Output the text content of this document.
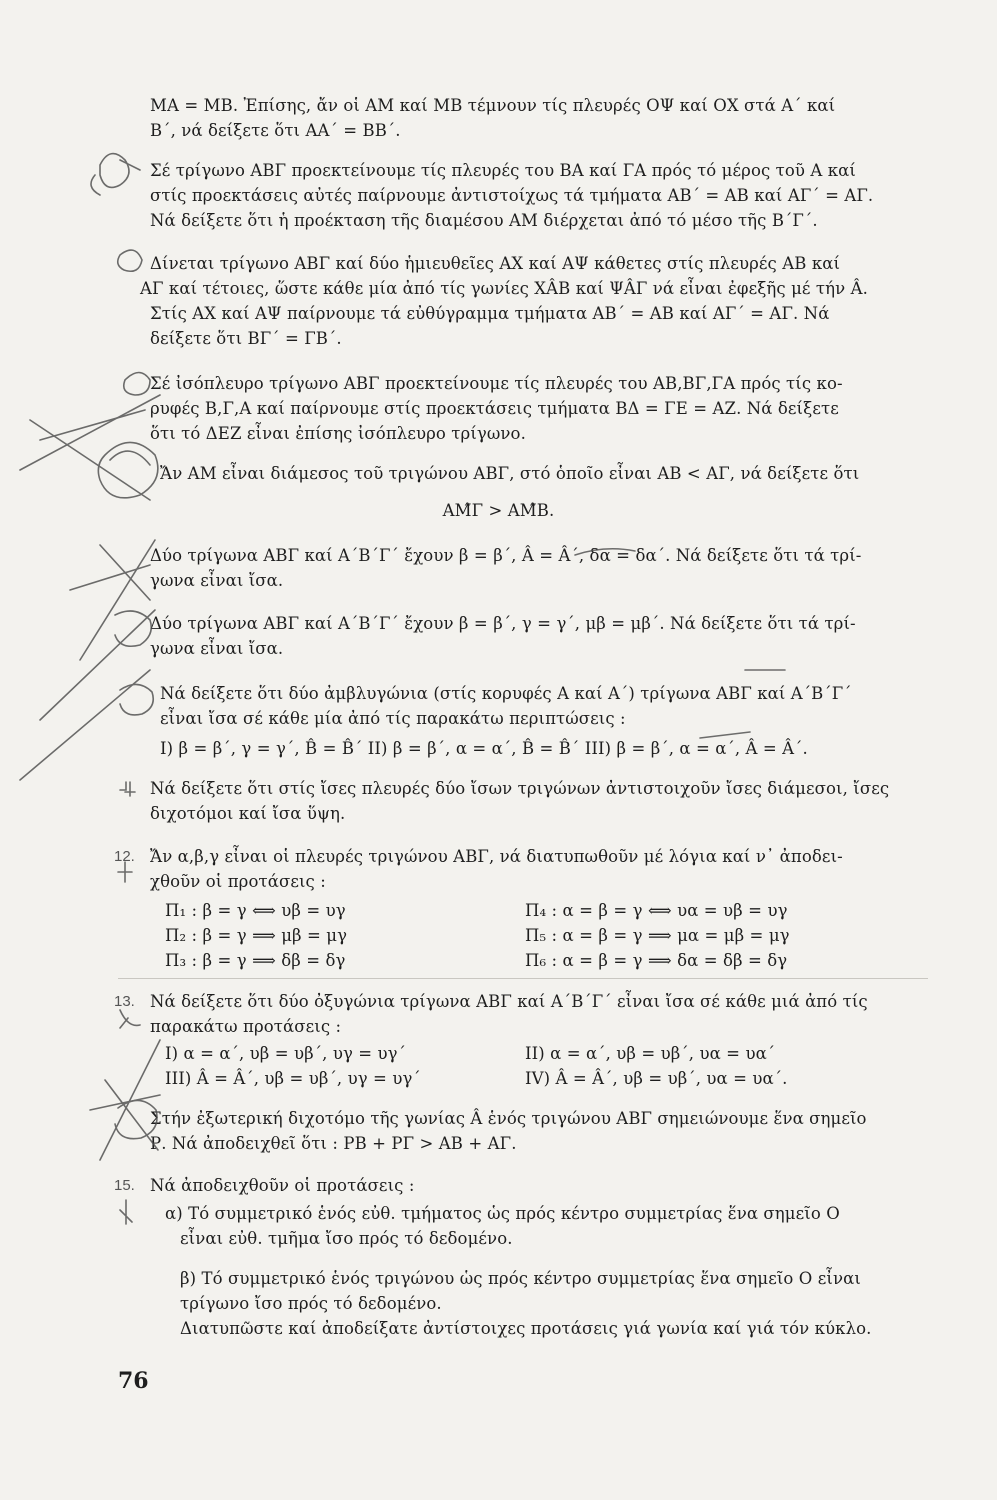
ΜΑ = ΜΒ. Ἐπίσης, ἄν οἱ ΑΜ καί ΜΒ τέμνουν τίς πλευρές ΟΨ καί ΟΧ στά Α΄ καί
Β΄, νά δείξετε ὅτι ΑΑ΄ = ΒΒ΄.
Σέ τρίγωνο ΑΒΓ προεκτείνουμε τίς πλευρές του ΒΑ καί ΓΑ πρός τό μέρος τοῦ Α καί
στίς προεκτάσεις αὐτές παίρνουμε ἀντιστοίχως τά τμήματα ΑΒ΄ = ΑΒ καί ΑΓ΄ = ΑΓ.
Νά δείξετε ὅτι ἡ προέκταση τῆς διαμέσου ΑΜ διέρχεται ἀπό τό μέσο τῆς Β΄Γ΄.
Δίνεται τρίγωνο ΑΒΓ καί δύο ἡμιευθεῖες ΑΧ καί ΑΨ κάθετες στίς πλευρές ΑΒ καί
ΑΓ καί τέτοιες, ὥστε κάθε μία ἀπό τίς γωνίες ΧÂΒ καί ΨÂΓ νά εἶναι ἐφεξῆς μέ τήν Â.
Στίς ΑΧ καί ΑΨ παίρνουμε τά εὐθύγραμμα τμήματα ΑΒ΄ = ΑΒ καί ΑΓ΄ = ΑΓ. Νά
δείξετε ὅτι ΒΓ΄ = ΓΒ΄.
Σέ ἰσόπλευρο τρίγωνο ΑΒΓ προεκτείνουμε τίς πλευρές του ΑΒ,ΒΓ,ΓΑ πρός τίς κο-
ρυφές Β,Γ,Α καί παίρνουμε στίς προεκτάσεις τμήματα ΒΔ = ΓΕ = ΑΖ. Νά δείξετε
ὅτι τό ΔΕΖ εἶναι ἐπίσης ἰσόπλευρο τρίγωνο.
Ἄν ΑΜ εἶναι διάμεσος τοῦ τριγώνου ΑΒΓ, στό ὁποῖο εἶναι ΑΒ < ΑΓ, νά δείξετε ὅτι
ΑΜ̂Γ > ΑΜ̂Β.
Δύο τρίγωνα ΑΒΓ καί Α΄Β΄Γ΄ ἔχουν β = β΄, Â = Â΄, δα = δα΄. Νά δείξετε ὅτι τά τρί-
γωνα εἶναι ἴσα.
Δύο τρίγωνα ΑΒΓ καί Α΄Β΄Γ΄ ἔχουν β = β΄, γ = γ΄, μβ = μβ΄. Νά δείξετε ὅτι τά τρί-
γωνα εἶναι ἴσα.
Νά δείξετε ὅτι δύο ἀμβλυγώνια (στίς κορυφές Α καί Α΄) τρίγωνα ΑΒΓ καί Α΄Β΄Γ΄
εἶναι ἴσα σέ κάθε μία ἀπό τίς παρακάτω περιπτώσεις :
I) β = β΄, γ = γ΄, B̂ = B̂΄ II) β = β΄, α = α΄, B̂ = B̂΄ III) β = β΄, α = α΄, Â = Â΄.
Νά δείξετε ὅτι στίς ἴσες πλευρές δύο ἴσων τριγώνων ἀντιστοιχοῦν ἴσες διάμεσοι, ἴσες
διχοτόμοι καί ἴσα ὕψη.
12. Ἄν α,β,γ εἶναι οἱ πλευρές τριγώνου ΑΒΓ, νά διατυπωθοῦν μέ λόγια καί ν᾽ ἀποδει-
χθοῦν οἱ προτάσεις :
Π₁ : β = γ ⟺ υβ = υγ	Π₄ : α = β = γ ⟺ υα = υβ = υγ
Π₂ : β = γ ⟹ μβ = μγ	Π₅ : α = β = γ ⟹ μα = μβ = μγ
Π₃ : β = γ ⟹ δβ = δγ	Π₆ : α = β = γ ⟹ δα = δβ = δγ
13. Νά δείξετε ὅτι δύο ὀξυγώνια τρίγωνα ΑΒΓ καί Α΄Β΄Γ΄ εἶναι ἴσα σέ κάθε μιά ἀπό τίς
παρακάτω προτάσεις :
I) α = α΄, υβ = υβ΄, υγ = υγ΄	II) α = α΄, υβ = υβ΄, υα = υα΄
III) Â = Â΄, υβ = υβ΄, υγ = υγ΄	IV) Â = Â΄, υβ = υβ΄, υα = υα΄.
Στήν ἐξωτερική διχοτόμο τῆς γωνίας Â ἑνός τριγώνου ΑΒΓ σημειώνουμε ἕνα σημεῖο
Ρ. Νά ἀποδειχθεῖ ὅτι : ΡΒ + ΡΓ > ΑΒ + ΑΓ.
15. Νά ἀποδειχθοῦν οἱ προτάσεις :
α) Τό συμμετρικό ἑνός εὐθ. τμήματος ὡς πρός κέντρο συμμετρίας ἕνα σημεῖο Ο
εἶναι εὐθ. τμῆμα ἴσο πρός τό δεδομένο.
β) Τό συμμετρικό ἑνός τριγώνου ὡς πρός κέντρο συμμετρίας ἕνα σημεῖο Ο εἶναι
τρίγωνο ἴσο πρός τό δεδομένο.
Διατυπῶστε καί ἀποδείξατε ἀντίστοιχες προτάσεις γιά γωνία καί γιά τόν κύκλο.
76
